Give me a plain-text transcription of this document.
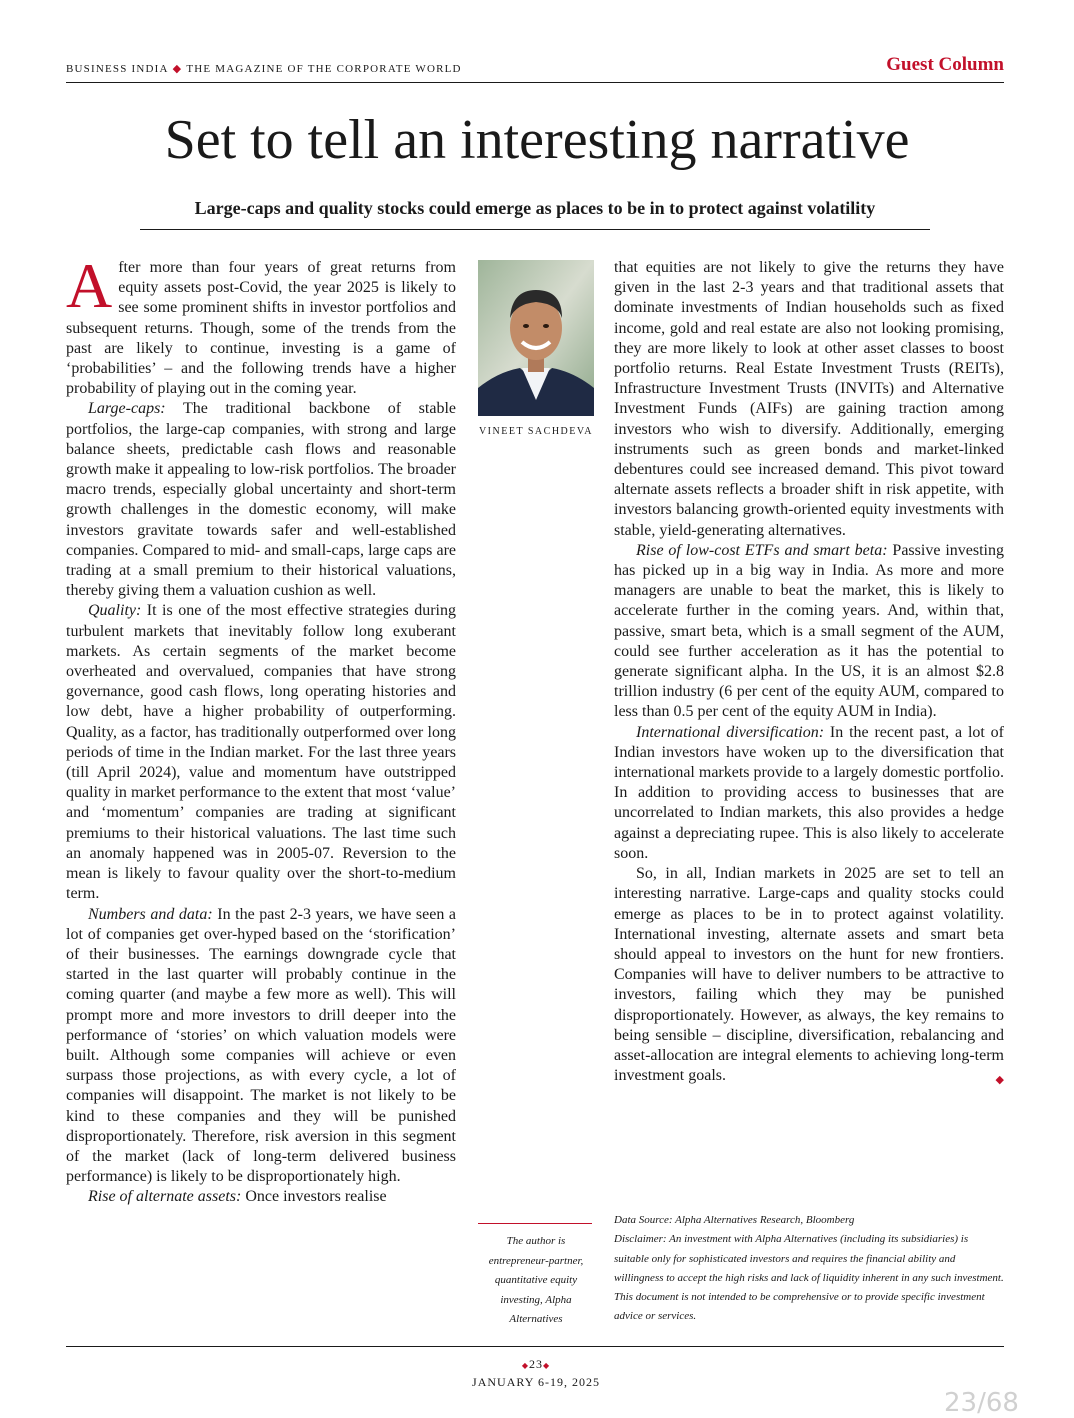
BUSINESS INDIA ◆ THE MAGAZINE OF THE CORPORATE WORLD	Guest Column
Set to tell an interesting narrative
Large-caps and quality stocks could emerge as places to be in to protect against volatility

After more than four years of great returns from equity assets post-Covid, the year 2025 is likely to see some prominent shifts in investor portfolios and subsequent returns. Though, some of the trends from the past are likely to continue, investing is a game of ‘probabilities’ – and the following trends have a higher probability of playing out in the coming year.

Large-caps: The traditional backbone of stable portfolios, the large-cap companies, with strong and large balance sheets, predictable cash flows and reasonable growth make it appealing to low-risk portfolios. The broader macro trends, especially global uncertainty and short-term growth challenges in the domestic economy, will make investors gravitate towards safer and well-established companies. Compared to mid- and small-caps, large caps are trading at a small premium to their historical valuations, thereby giving them a valuation cushion as well.

Quality: It is one of the most effective strategies during turbulent markets that inevitably follow long exuberant markets. As certain segments of the market become overheated and overvalued, companies that have strong governance, good cash flows, long operating histories and low debt, have a higher probability of outperforming. Quality, as a factor, has traditionally outperformed over long periods of time in the Indian market. For the last three years (till April 2024), value and momentum have outstripped quality in market performance to the extent that most ‘value’ and ‘momentum’ companies are trading at significant premiums to their historical valuations. The last time such an anomaly happened was in 2005-07. Reversion to the mean is likely to favour quality over the short-to-medium term.

Numbers and data: In the past 2-3 years, we have seen a lot of companies get over-hyped based on the ‘storification’ of their businesses. The earnings downgrade cycle that started in the last quarter will probably continue in the coming quarter (and maybe a few more as well). This will prompt more and more investors to drill deeper into the performance of ‘stories’ on which valuation models were built. Although some companies will achieve or even surpass those projections, as with every cycle, a lot of companies will disappoint. The market is not likely to be kind to these companies and they will be punished disproportionately. Therefore, risk aversion in this segment of the market (lack of long-term delivered business performance) is likely to be disproportionately high.

Rise of alternate assets: Once investors realise

VINEET SACHDEVA

that equities are not likely to give the returns they have given in the last 2-3 years and that traditional assets that dominate investments of Indian households such as fixed income, gold and real estate are also not looking promising, they are more likely to look at other asset classes to boost portfolio returns. Real Estate Investment Trusts (REITs), Infrastructure Investment Trusts (INVITs) and Alternative Investment Funds (AIFs) are gaining traction among investors who wish to diversify. Additionally, emerging instruments such as green bonds and market-linked debentures could see increased demand. This pivot toward alternate assets reflects a broader shift in risk appetite, with investors balancing growth-oriented equity investments with stable, yield-generating alternatives.

Rise of low-cost ETFs and smart beta: Passive investing has picked up in a big way in India. As more and more managers are unable to beat the market, this is likely to accelerate further in the coming years. And, within that, passive, smart beta, which is a small segment of the AUM, could see further acceleration as it has the potential to generate significant alpha. In the US, it is an almost $2.8 trillion industry (6 per cent of the equity AUM, compared to less than 0.5 per cent of the equity AUM in India).

International diversification: In the recent past, a lot of Indian investors have woken up to the diversification that international markets provide to a largely domestic portfolio. In addition to providing access to businesses that are uncorrelated to Indian markets, this also provides a hedge against a depreciating rupee. This is also likely to accelerate soon.

So, in all, Indian markets in 2025 are set to tell an interesting narrative. Large-caps and quality stocks could emerge as places to be in to protect against volatility. International investing, alternate assets and smart beta should appeal to investors on the hunt for new frontiers. Companies will have to deliver numbers to be attractive to investors, failing which they may be punished disproportionately. However, as always, the key remains to being sensible – discipline, diversification, rebalancing and asset-allocation are integral elements to achieving long-term investment goals.	◆

The author is entrepreneur-partner, quantitative equity investing, Alpha Alternatives
Data Source: Alpha Alternatives Research, Bloomberg
Disclaimer: An investment with Alpha Alternatives (including its subsidiaries) is suitable only for sophisticated investors and requires the financial ability and willingness to accept the high risks and lack of liquidity inherent in any such investment. This document is not intended to be comprehensive or to provide specific investment advice or services.
◆23◆
JANUARY 6-19, 2025
23/68
